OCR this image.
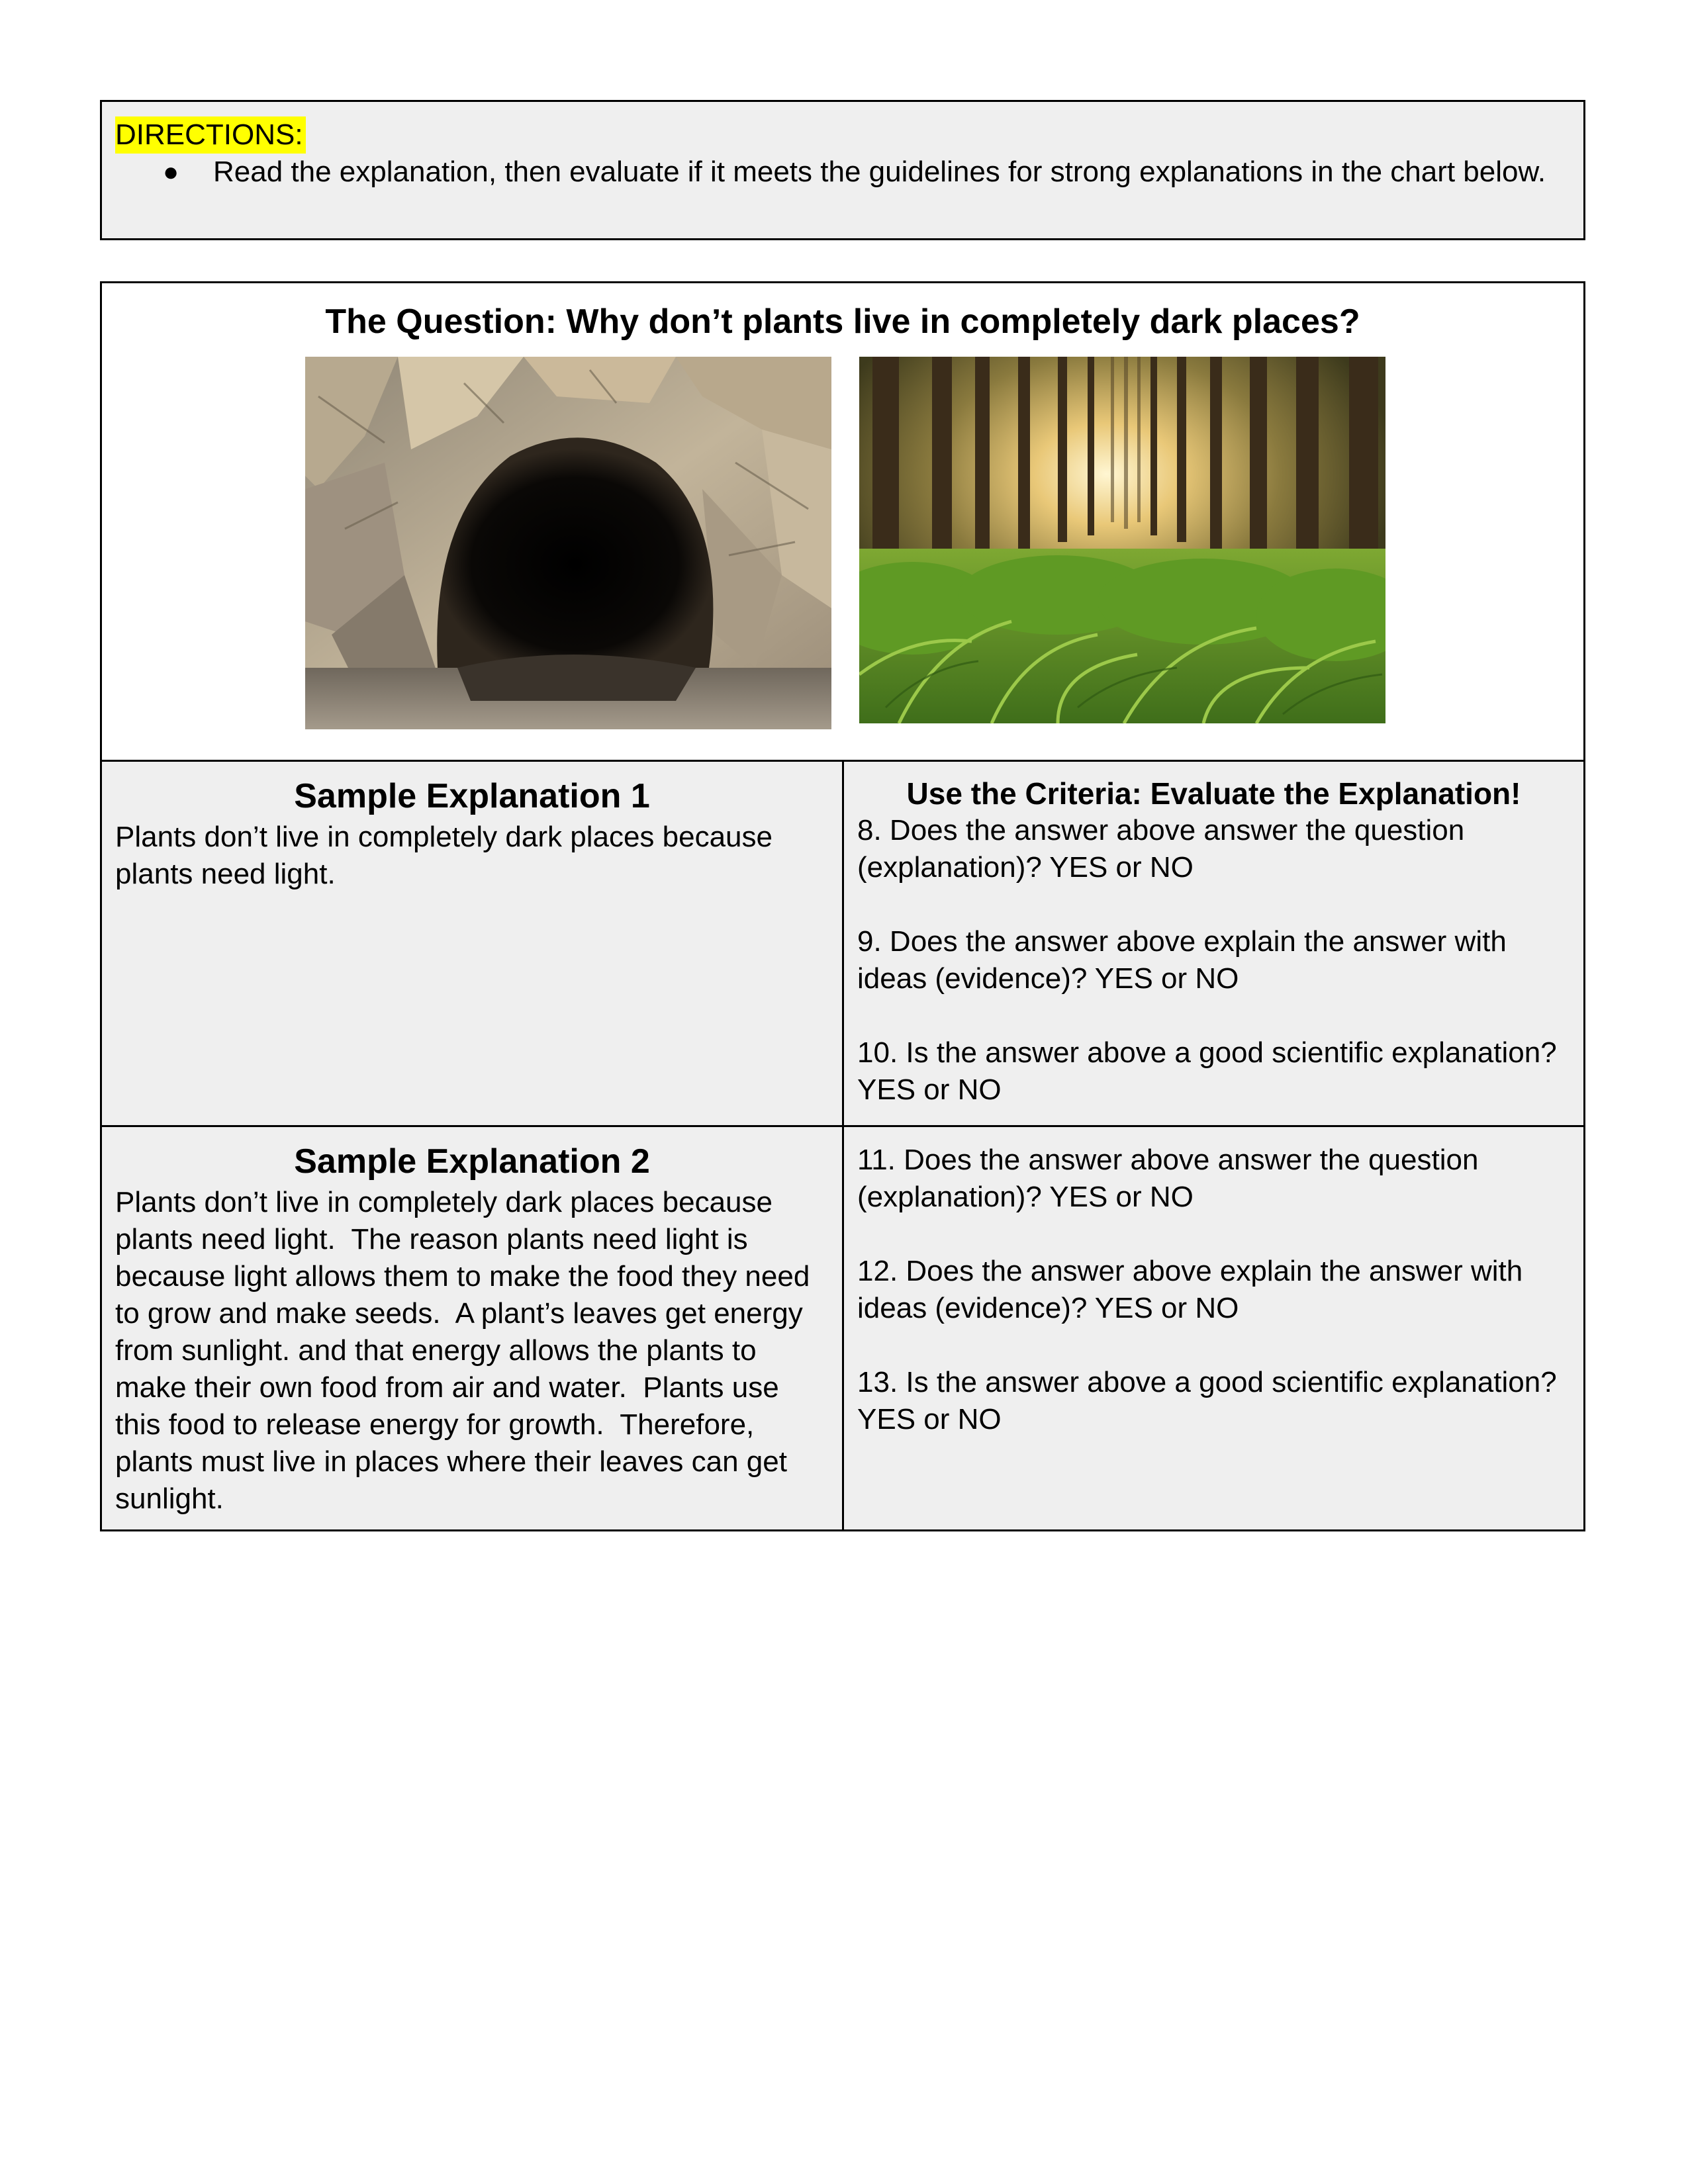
DIRECTIONS:
● Read the explanation, then evaluate if it meets the guidelines for strong explanations in the chart below.
The Question: Why don’t plants live in completely dark places?
Sample Explanation 1
Plants don’t live in completely dark places because plants need light.
Use the Criteria: Evaluate the Explanation!
8. Does the answer above answer the question (explanation)? YES or NO
9. Does the answer above explain the answer with ideas (evidence)? YES or NO
10. Is the answer above a good scientific explanation? YES or NO
Sample Explanation 2
Plants don’t live in completely dark places because plants need light.  The reason plants need light is because light allows them to make the food they need to grow and make seeds.  A plant’s leaves get energy from sunlight. and that energy allows the plants to make their own food from air and water.  Plants use this food to release energy for growth.  Therefore, plants must live in places where their leaves can get sunlight.
11. Does the answer above answer the question (explanation)? YES or NO
12. Does the answer above explain the answer with ideas (evidence)? YES or NO
13. Is the answer above a good scientific explanation? YES or NO
